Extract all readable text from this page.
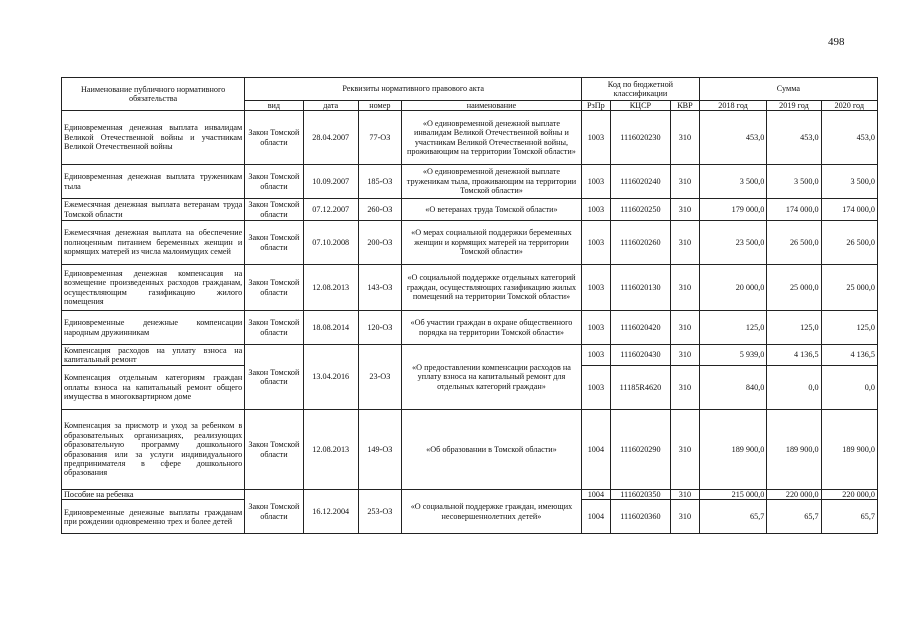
498
Наименование публичного нормативного обязательства	Реквизиты нормативного правового акта				Код по бюджетной классификации			Сумма		
	вид	дата	номер	наименование	РзПр	КЦСР	КВР	2018 год	2019 год	2020 год
Единовременная денежная выплата инвалидам Великой Отечественной войны и участникам Великой Отечественной войны	Закон Томской области	28.04.2007	77-ОЗ	«О единовременной денежной выплате инвалидам Великой Отечественной войны и участникам Великой Отечественной войны, проживающим на территории Томской области»	1003	1116020230	310	453,0	453,0	453,0
Единовременная денежная выплата труженикам тыла	Закон Томской области	10.09.2007	185-ОЗ	«О единовременной денежной выплате труженикам тыла, проживающим на территории Томской области»	1003	1116020240	310	3 500,0	3 500,0	3 500,0
Ежемесячная денежная выплата ветеранам труда Томской области	Закон Томской области	07.12.2007	260-ОЗ	«О ветеранах труда Томской области»	1003	1116020250	310	179 000,0	174 000,0	174 000,0
Ежемесячная денежная выплата на обеспечение полноценным питанием беременных женщин и кормящих матерей из числа малоимущих семей	Закон Томской области	07.10.2008	200-ОЗ	«О мерах социальной поддержки беременных женщин и кормящих матерей на территории Томской области»	1003	1116020260	310	23 500,0	26 500,0	26 500,0
Единовременная денежная компенсация на возмещение произведенных расходов гражданам, осуществляющим газификацию жилого помещения	Закон Томской области	12.08.2013	143-ОЗ	«О социальной поддержке отдельных категорий граждан, осуществляющих газификацию жилых помещений на территории Томской области»	1003	1116020130	310	20 000,0	25 000,0	25 000,0
Единовременные денежные компенсации народным дружинникам	Закон Томской области	18.08.2014	120-ОЗ	«Об участии граждан в охране общественного порядка на территории Томской области»	1003	1116020420	310	125,0	125,0	125,0
Компенсация расходов на уплату взноса на капитальный ремонт	Закон Томской области	13.04.2016	23-ОЗ	«О предоставлении компенсации расходов на уплату взноса на капитальный ремонт для отдельных категорий граждан»	1003	1116020430	310	5 939,0	4 136,5	4 136,5
Компенсация отдельным категориям граждан оплаты взноса на капитальный ремонт общего имущества в многоквартирном доме					1003	11185R4620	310	840,0	0,0	0,0
Компенсация за присмотр и уход за ребенком в образовательных организациях, реализующих образовательную программу дошкольного образования или за услуги индивидуального предпринимателя в сфере дошкольного образования	Закон Томской области	12.08.2013	149-ОЗ	«Об образовании в Томской области»	1004	1116020290	310	189 900,0	189 900,0	189 900,0
Пособие на ребенка	Закон Томской области	16.12.2004	253-ОЗ	«О социальной поддержке граждан, имеющих несовершеннолетних детей»	1004	1116020350	310	215 000,0	220 000,0	220 000,0
Единовременные денежные выплаты гражданам при рождении одновременно трех и более детей					1004	1116020360	310	65,7	65,7	65,7
